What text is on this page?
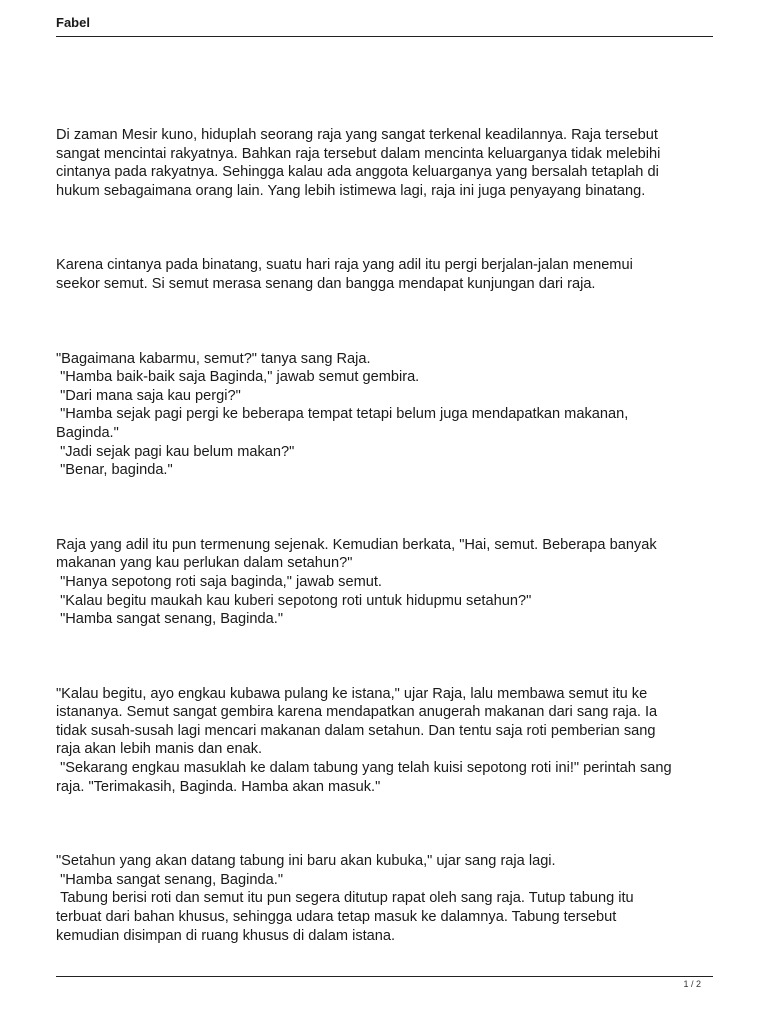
Fabel

Di zaman Mesir kuno, hiduplah seorang raja yang sangat terkenal keadilannya. Raja tersebut
sangat mencintai rakyatnya. Bahkan raja tersebut dalam mencinta keluarganya tidak melebihi
cintanya pada rakyatnya. Sehingga kalau ada anggota keluarganya yang bersalah tetaplah di
hukum sebagaimana orang lain. Yang lebih istimewa lagi, raja ini juga penyayang binatang.

Karena cintanya pada binatang, suatu hari raja yang adil itu pergi berjalan-jalan menemui
seekor semut. Si semut merasa senang dan bangga mendapat kunjungan dari raja.

"Bagaimana kabarmu, semut?" tanya sang Raja.
"Hamba baik-baik saja Baginda," jawab semut gembira.
"Dari mana saja kau pergi?"
"Hamba sejak pagi pergi ke beberapa tempat tetapi belum juga mendapatkan makanan,
Baginda."
"Jadi sejak pagi kau belum makan?"
"Benar, baginda."

Raja yang adil itu pun termenung sejenak. Kemudian berkata, "Hai, semut. Beberapa banyak
makanan yang kau perlukan dalam setahun?"
"Hanya sepotong roti saja baginda," jawab semut.
"Kalau begitu maukah kau kuberi sepotong roti untuk hidupmu setahun?"
"Hamba sangat senang, Baginda."

"Kalau begitu, ayo engkau kubawa pulang ke istana," ujar Raja, lalu membawa semut itu ke
istananya. Semut sangat gembira karena mendapatkan anugerah makanan dari sang raja. Ia
tidak susah-susah lagi mencari makanan dalam setahun. Dan tentu saja roti pemberian sang
raja akan lebih manis dan enak.
"Sekarang engkau masuklah ke dalam tabung yang telah kuisi sepotong roti ini!" perintah sang
raja. "Terimakasih, Baginda. Hamba akan masuk."

"Setahun yang akan datang tabung ini baru akan kubuka," ujar sang raja lagi.
"Hamba sangat senang, Baginda."
Tabung berisi roti dan semut itu pun segera ditutup rapat oleh sang raja. Tutup tabung itu
terbuat dari bahan khusus, sehingga udara tetap masuk ke dalamnya. Tabung tersebut
kemudian disimpan di ruang khusus di dalam istana.

1 / 2
